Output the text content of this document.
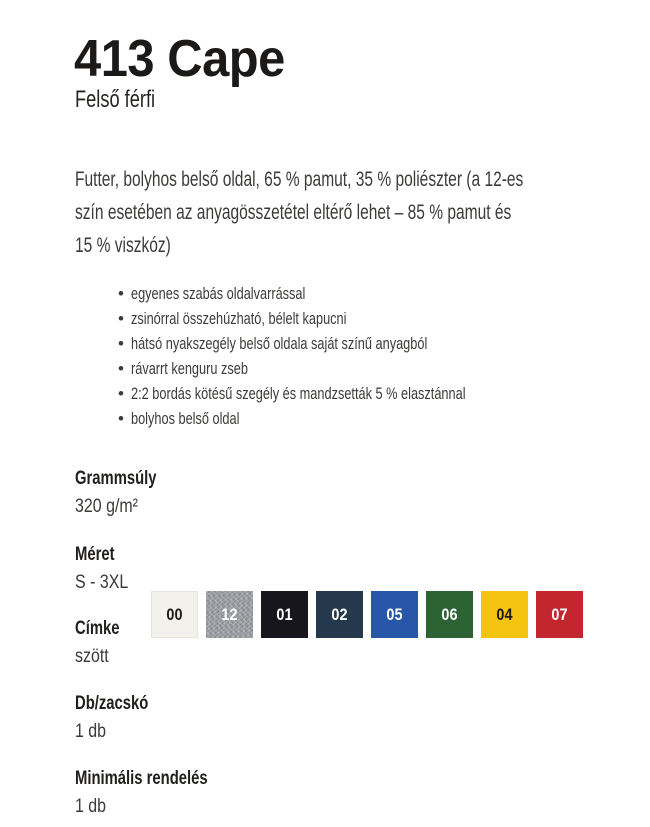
413 Cape
Felső férfi
Futter, bolyhos belső oldal, 65 % pamut, 35 % poliészter (a 12-es
szín esetében az anyagösszetétel eltérő lehet – 85 % pamut és
15 % viszkóz)
• egyenes szabás oldalvarrással
• zsinórral összehúzható, bélelt kapucni
• hátsó nyakszegély belső oldala saját színű anyagból
• rávarrt kenguru zseb
• 2:2 bordás kötésű szegély és mandzsetták 5 % elasztánnal
• bolyhos belső oldal
Grammsúly
320 g/m²
Méret
S - 3XL
Címke
szött
Db/zacskó
1 db
Minimális rendelés
1 db
00 12 01 02 05 06 04 07
